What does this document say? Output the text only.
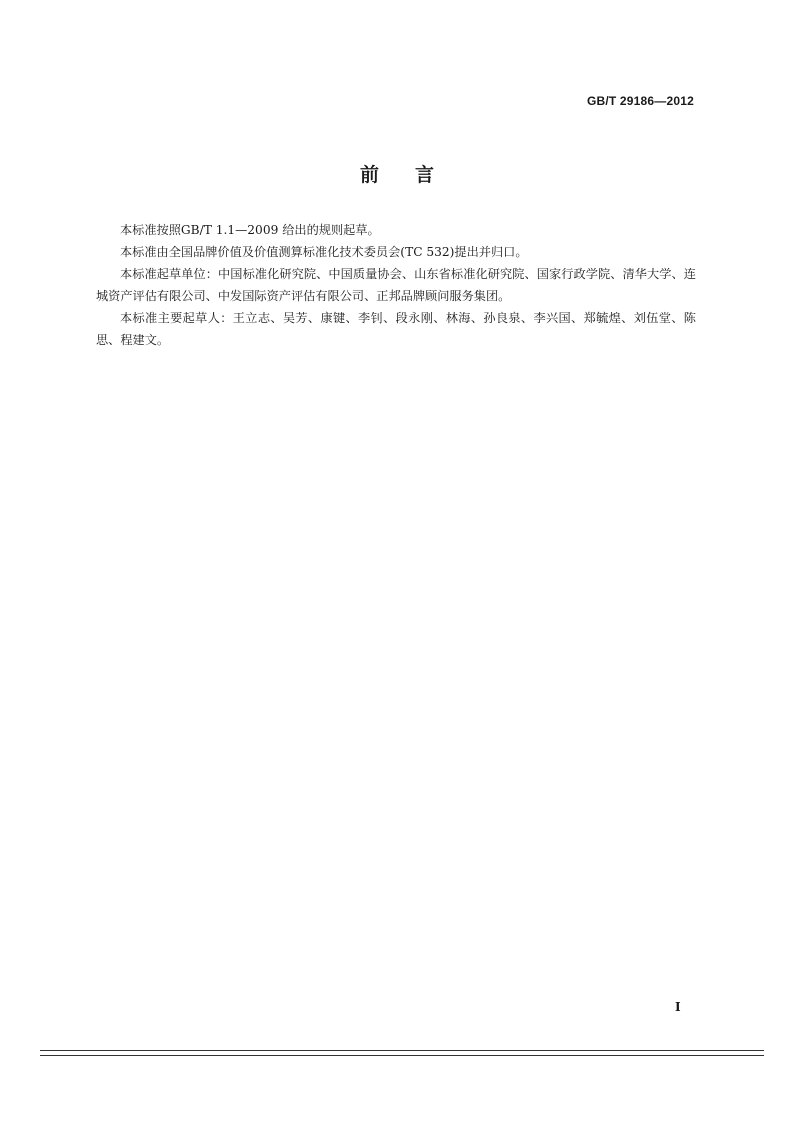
GB/T 29186—2012
前言

本标准按照GB/T 1.1—2009 给出的规则起草。

本标准由全国品牌价值及价值测算标准化技术委员会(TC 532)提出并归口。

本标准起草单位：中国标准化研究院、中国质量协会、山东省标准化研究院、国家行政学院、清华大学、连城资产评估有限公司、中发国际资产评估有限公司、正邦品牌顾问服务集团。

本标准主要起草人：王立志、吴芳、康键、李钊、段永刚、林海、孙良泉、李兴国、郑毓煌、刘伍堂、陈思、程建文。

I
